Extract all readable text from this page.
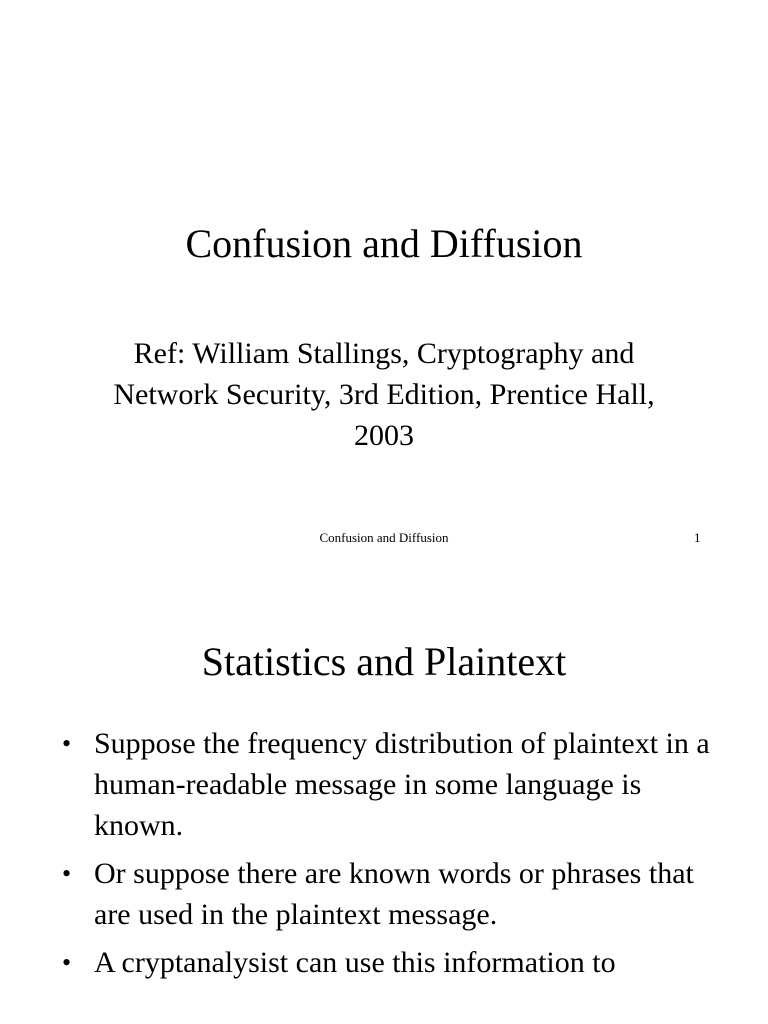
Confusion and Diffusion

Ref: William Stallings, Cryptography and Network Security, 3rd Edition, Prentice Hall, 2003

Confusion and Diffusion	1
Statistics and Plaintext
• Suppose the frequency distribution of plaintext in a human-readable message in some language is known.
• Or suppose there are known words or phrases that are used in the plaintext message.
• A cryptanalysist can use this information to
